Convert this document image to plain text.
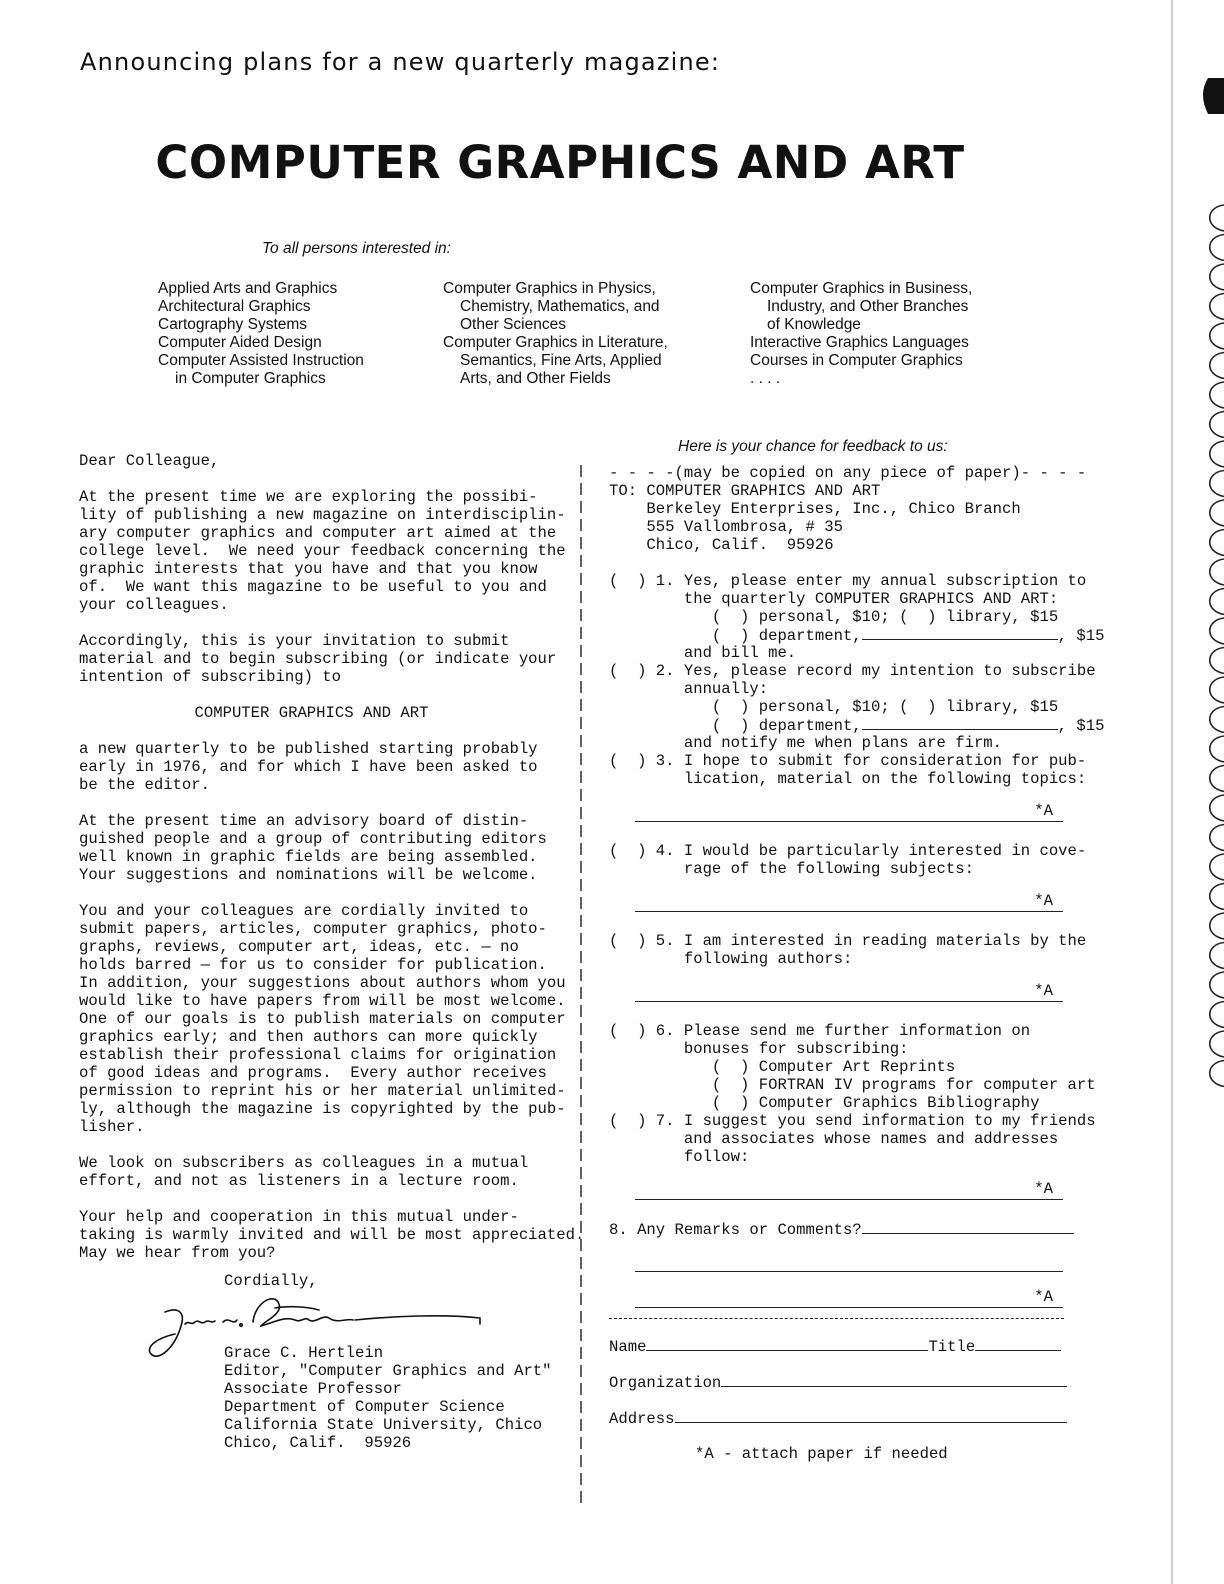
Announcing plans for a new quarterly magazine:
COMPUTER GRAPHICS AND ART
To all persons interested in:
Applied Arts and Graphics
Architectural Graphics
Cartography Systems
Computer Aided Design
Computer Assisted Instruction
in Computer Graphics
Computer Graphics in Physics,
Chemistry, Mathematics, and
Other Sciences
Computer Graphics in Literature,
Semantics, Fine Arts, Applied
Arts, and Other Fields
Computer Graphics in Business,
Industry, and Other Branches
of Knowledge
Interactive Graphics Languages
Courses in Computer Graphics
. . . .

Dear Colleague,

At the present time we are exploring the possibi-
lity of publishing a new magazine on interdisciplin-
ary computer graphics and computer art aimed at the
college level.  We need your feedback concerning the
graphic interests that you have and that you know
of.  We want this magazine to be useful to you and
your colleagues.

Accordingly, this is your invitation to submit
material and to begin subscribing (or indicate your
intention of subscribing) to

COMPUTER GRAPHICS AND ART

a new quarterly to be published starting probably
early in 1976, and for which I have been asked to
be the editor.

At the present time an advisory board of distin-
guished people and a group of contributing editors
well known in graphic fields are being assembled.
Your suggestions and nominations will be welcome.

You and your colleagues are cordially invited to
submit papers, articles, computer graphics, photo-
graphs, reviews, computer art, ideas, etc. — no
holds barred — for us to consider for publication.
In addition, your suggestions about authors whom you
would like to have papers from will be most welcome.
One of our goals is to publish materials on computer
graphics early; and then authors can more quickly
establish their professional claims for origination
of good ideas and programs.  Every author receives
permission to reprint his or her material unlimited-
ly, although the magazine is copyrighted by the pub-
lisher.

We look on subscribers as colleagues in a mutual
effort, and not as listeners in a lecture room.

Your help and cooperation in this mutual under-
taking is warmly invited and will be most appreciated.
May we hear from you?

Cordially,
Grace C. Hertlein
Editor, "Computer Graphics and Art"
Associate Professor
Department of Computer Science
California State University, Chico
Chico, Calif.  95926
Here is your chance for feedback to us:
- - - -(may be copied on any piece of paper)- - - -
TO: COMPUTER GRAPHICS AND ART
Berkeley Enterprises, Inc., Chico Branch
555 Vallombrosa, # 35
Chico, Calif.  95926
(  ) 1. Yes, please enter my annual subscription to
the quarterly COMPUTER GRAPHICS AND ART:
(  ) personal, $10; (  ) library, $15
(  ) department,	, $15
and bill me.
(  ) 2. Yes, please record my intention to subscribe
annually:
(  ) personal, $10; (  ) library, $15
(  ) department,	, $15
and notify me when plans are firm.
(  ) 3. I hope to submit for consideration for pub-
lication, material on the following topics:
*A
(  ) 4. I would be particularly interested in cove-
rage of the following subjects:
*A
(  ) 5. I am interested in reading materials by the
following authors:
*A
(  ) 6. Please send me further information on
bonuses for subscribing:
(  ) Computer Art Reprints
(  ) FORTRAN IV programs for computer art
(  ) Computer Graphics Bibliography
(  ) 7. I suggest you send information to my friends
and associates whose names and addresses
follow:
*A
8. Any Remarks or Comments?
*A
Name	Title
Organization
Address
*A - attach paper if needed
